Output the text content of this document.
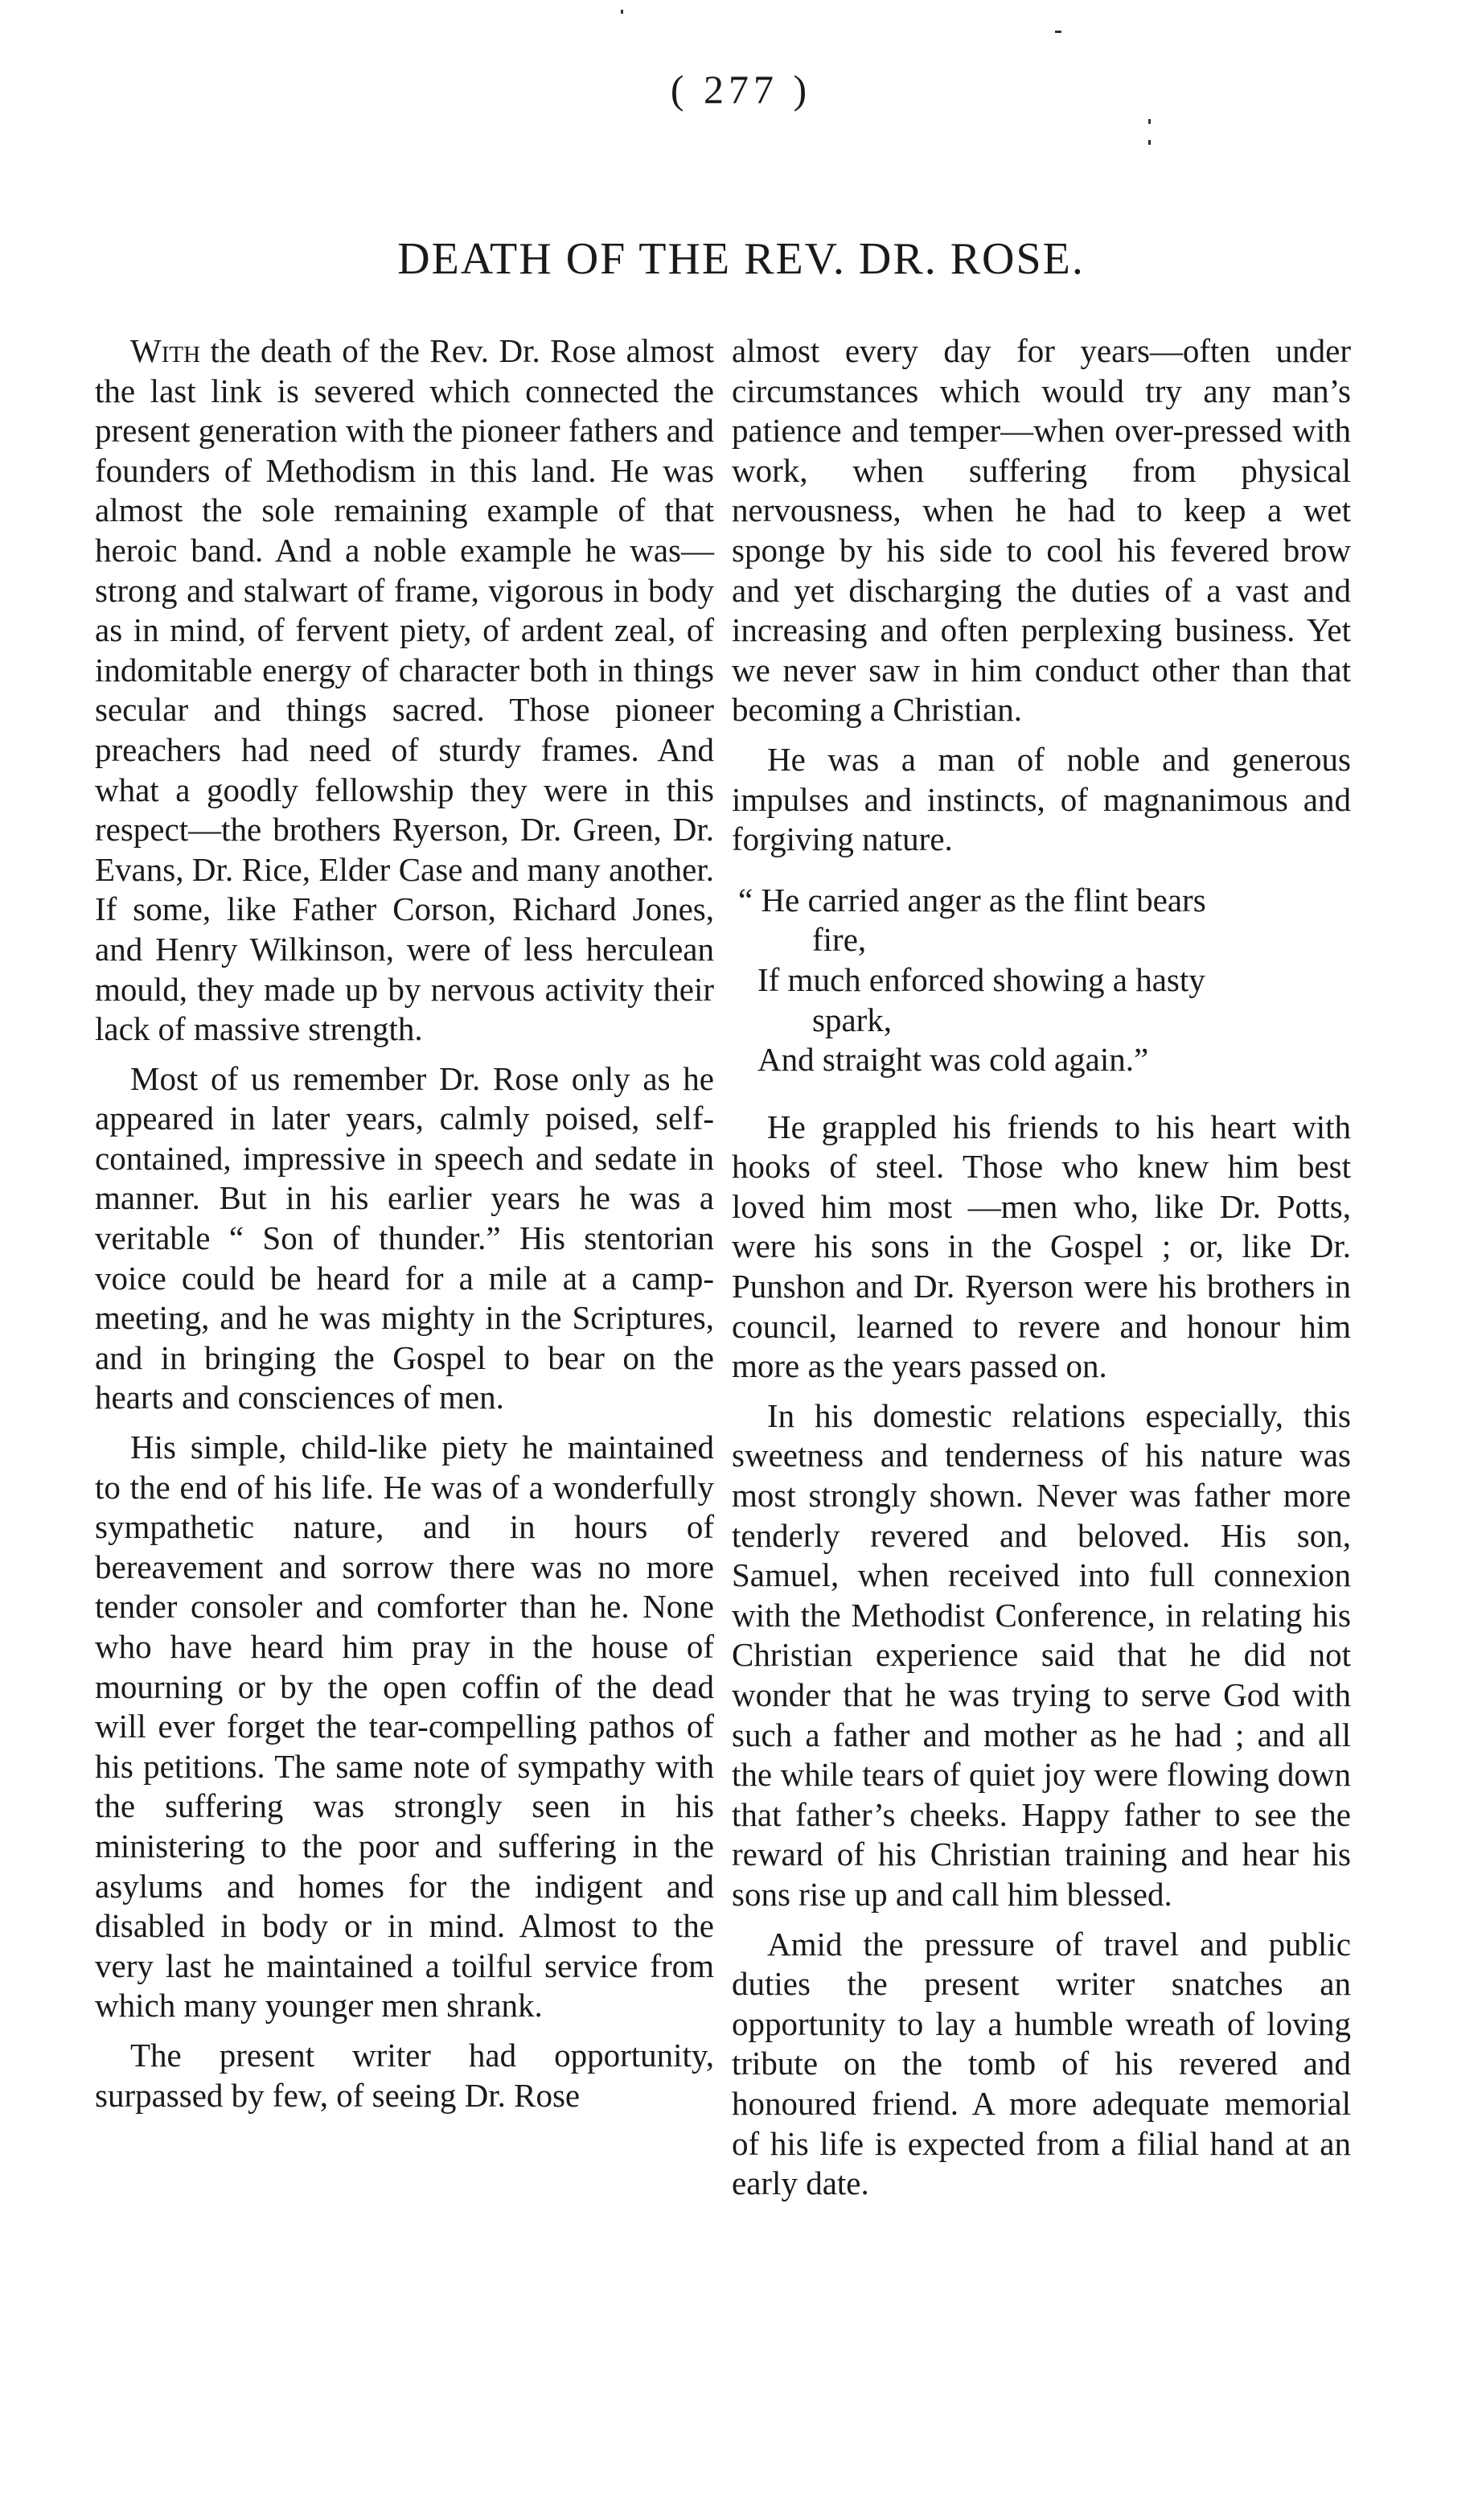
( 277 )
DEATH OF THE REV. DR. ROSE.

With the death of the Rev. Dr. Rose almost the last link is severed which connected the present generation with the pioneer fathers and founders of Methodism in this land. He was almost the sole remaining example of that heroic band. And a noble example he was—strong and stalwart of frame, vigorous in body as in mind, of fervent piety, of ardent zeal, of indomitable energy of character both in things secular and things sacred. Those pioneer preachers had need of sturdy frames. And what a goodly fellowship they were in this respect—the brothers Ryerson, Dr. Green, Dr. Evans, Dr. Rice, Elder Case and many another. If some, like Father Corson, Richard Jones, and Henry Wilkinson, were of less herculean mould, they made up by nervous activity their lack of massive strength.

Most of us remember Dr. Rose only as he appeared in later years, calmly poised, self-contained, impressive in speech and sedate in manner. But in his earlier years he was a veritable “ Son of thunder.” His stentorian voice could be heard for a mile at a camp-meeting, and he was mighty in the Scriptures, and in bringing the Gospel to bear on the hearts and consciences of men.

His simple, child-like piety he maintained to the end of his life. He was of a wonderfully sympathetic nature, and in hours of bereavement and sorrow there was no more tender consoler and comforter than he. None who have heard him pray in the house of mourning or by the open coffin of the dead will ever forget the tear-compelling pathos of his petitions. The same note of sympathy with the suffering was strongly seen in his ministering to the poor and suffering in the asylums and homes for the indigent and disabled in body or in mind. Almost to the very last he maintained a toilful service from which many younger men shrank.

The present writer had opportunity, surpassed by few, of seeing Dr. Rose

almost every day for years—often under circumstances which would try any man’s patience and temper—when over-pressed with work, when suffering from physical nervousness, when he had to keep a wet sponge by his side to cool his fevered brow and yet discharging the duties of a vast and increasing and often perplexing business. Yet we never saw in him conduct other than that becoming a Christian.

He was a man of noble and generous impulses and instincts, of magnanimous and forgiving nature.

“ He carried anger as the flint bears

fire,

If much enforced showing a hasty

spark,

And straight was cold again.”

He grappled his friends to his heart with hooks of steel. Those who knew him best loved him most —men who, like Dr. Potts, were his sons in the Gospel ; or, like Dr. Punshon and Dr. Ryerson were his brothers in council, learned to revere and honour him more as the years passed on.

In his domestic relations especially, this sweetness and tenderness of his nature was most strongly shown. Never was father more tenderly revered and beloved. His son, Samuel, when received into full connexion with the Methodist Conference, in relating his Christian experience said that he did not wonder that he was trying to serve God with such a father and mother as he had ; and all the while tears of quiet joy were flowing down that father’s cheeks. Happy father to see the reward of his Christian training and hear his sons rise up and call him blessed.

Amid the pressure of travel and public duties the present writer snatches an opportunity to lay a humble wreath of loving tribute on the tomb of his revered and honoured friend. A more adequate memorial of his life is expected from a filial hand at an early date.
